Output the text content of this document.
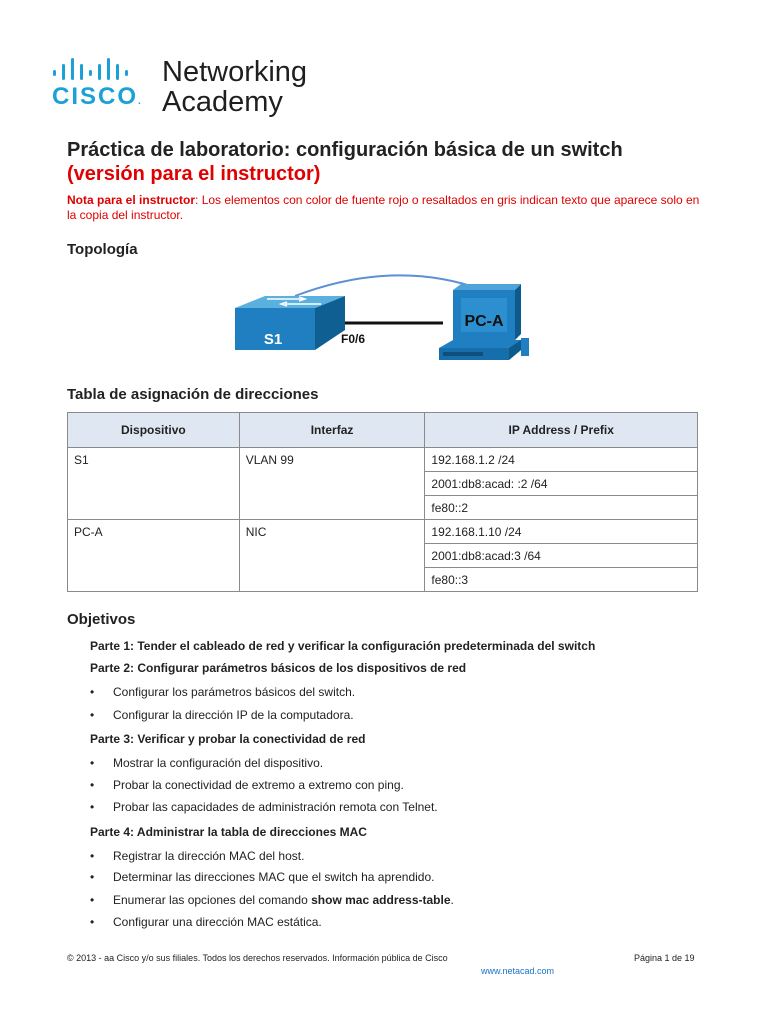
CISCO.
Networking
Academy
Práctica de laboratorio: configuración básica de un switch
(versión para el instructor)
Nota para el instructor: Los elementos con color de fuente rojo o resaltados en gris indican texto que aparece solo en la copia del instructor.
Topología
S1	F0/6
PC-A
Tabla de asignación de direcciones
Dispositivo	Interfaz	IP Address / Prefix
S1	VLAN 99	192.168.1.2 /24
		2001:db8:acad: :2 /64
		fe80::2
PC-A	NIC	192.168.1.10 /24
		2001:db8:acad:3 /64
		fe80::3
Objetivos
Parte 1: Tender el cableado de red y verificar la configuración predeterminada del switch
Parte 2: Configurar parámetros básicos de los dispositivos de red
• Configurar los parámetros básicos del switch.
• Configurar la dirección IP de la computadora.
Parte 3: Verificar y probar la conectividad de red
• Mostrar la configuración del dispositivo.
• Probar la conectividad de extremo a extremo con ping.
• Probar las capacidades de administración remota con Telnet.
Parte 4: Administrar la tabla de direcciones MAC
• Registrar la dirección MAC del host.
• Determinar las direcciones MAC que el switch ha aprendido.
• Enumerar las opciones del comando show mac address-table.
• Configurar una dirección MAC estática.
© 2013 - aa Cisco y/o sus filiales. Todos los derechos reservados. Información pública de Cisco	Página 1 de 19
www.netacad.com
